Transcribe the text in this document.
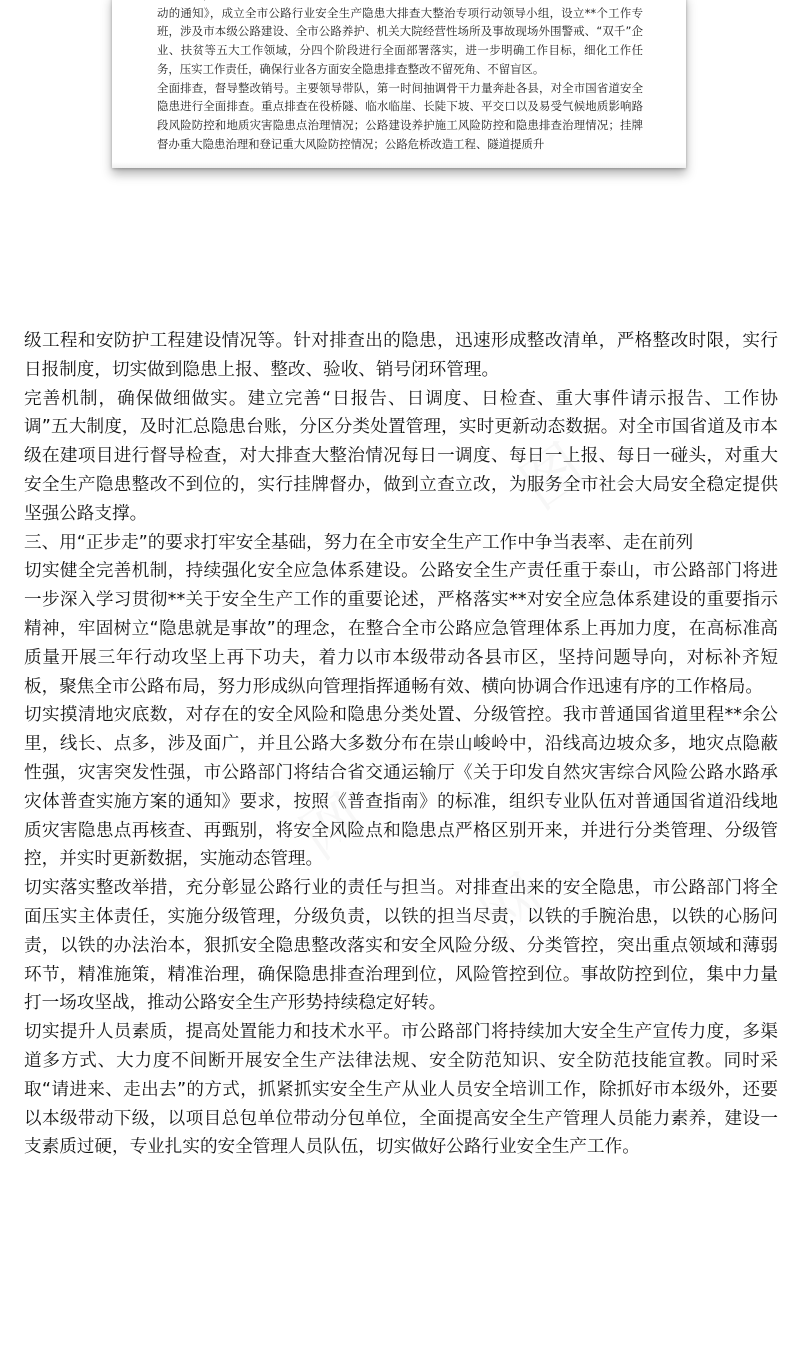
图
网
网

动的通知》，成立全市公路行业安全生产隐患大排查大整治专项行动领导小组，设立**个工作专班，涉及市本级公路建设、全市公路养护、机关大院经营性场所及事故现场外围警戒、“双千”企业、扶贫等五大工作领域，分四个阶段进行全面部署落实，进一步明确工作目标，细化工作任务，压实工作责任，确保行业各方面安全隐患排查整改不留死角、不留盲区。

全面排查，督导整改销号。主要领导带队，第一时间抽调骨干力量奔赴各县，对全市国省道安全隐患进行全面排查。重点排查在役桥隧、临水临崖、长陡下坡、平交口以及易受气候地质影响路段风险防控和地质灾害隐患点治理情况；公路建设养护施工风险防控和隐患排查治理情况；挂牌督办重大隐患治理和登记重大风险防控情况；公路危桥改造工程、隧道提质升

级工程和安防护工程建设情况等。针对排查出的隐患，迅速形成整改清单，严格整改时限，实行日报制度，切实做到隐患上报、整改、验收、销号闭环管理。

完善机制，确保做细做实。建立完善“日报告、日调度、日检查、重大事件请示报告、工作协调”五大制度，及时汇总隐患台账，分区分类处置管理，实时更新动态数据。对全市国省道及市本级在建项目进行督导检查，对大排查大整治情况每日一调度、每日一上报、每日一碰头，对重大安全生产隐患整改不到位的，实行挂牌督办，做到立查立改，为服务全市社会大局安全稳定提供坚强公路支撑。

三、用“正步走”的要求打牢安全基础，努力在全市安全生产工作中争当表率、走在前列

切实健全完善机制，持续强化安全应急体系建设。公路安全生产责任重于泰山，市公路部门将进一步深入学习贯彻**关于安全生产工作的重要论述，严格落实**对安全应急体系建设的重要指示精神，牢固树立“隐患就是事故”的理念，在整合全市公路应急管理体系上再加力度，在高标准高质量开展三年行动攻坚上再下功夫，着力以市本级带动各县市区，坚持问题导向，对标补齐短板，聚焦全市公路布局，努力形成纵向管理指挥通畅有效、横向协调合作迅速有序的工作格局。

切实摸清地灾底数，对存在的安全风险和隐患分类处置、分级管控。我市普通国省道里程**余公里，线长、点多，涉及面广，并且公路大多数分布在崇山峻岭中，沿线高边坡众多，地灾点隐蔽性强，灾害突发性强，市公路部门将结合省交通运输厅《关于印发自然灾害综合风险公路水路承灾体普查实施方案的通知》要求，按照《普查指南》的标准，组织专业队伍对普通国省道沿线地质灾害隐患点再核查、再甄别，将安全风险点和隐患点严格区别开来，并进行分类管理、分级管控，并实时更新数据，实施动态管理。

切实落实整改举措，充分彰显公路行业的责任与担当。对排查出来的安全隐患，市公路部门将全面压实主体责任，实施分级管理，分级负责，以铁的担当尽责，以铁的手腕治患，以铁的心肠问责，以铁的办法治本，狠抓安全隐患整改落实和安全风险分级、分类管控，突出重点领域和薄弱环节，精准施策，精准治理，确保隐患排查治理到位，风险管控到位。事故防控到位，集中力量打一场攻坚战，推动公路安全生产形势持续稳定好转。

切实提升人员素质，提高处置能力和技术水平。市公路部门将持续加大安全生产宣传力度，多渠道多方式、大力度不间断开展安全生产法律法规、安全防范知识、安全防范技能宣教。同时采取“请进来、走出去”的方式，抓紧抓实安全生产从业人员安全培训工作，除抓好市本级外，还要以本级带动下级，以项目总包单位带动分包单位，全面提高安全生产管理人员能力素养，建设一支素质过硬，专业扎实的安全管理人员队伍，切实做好公路行业安全生产工作。
